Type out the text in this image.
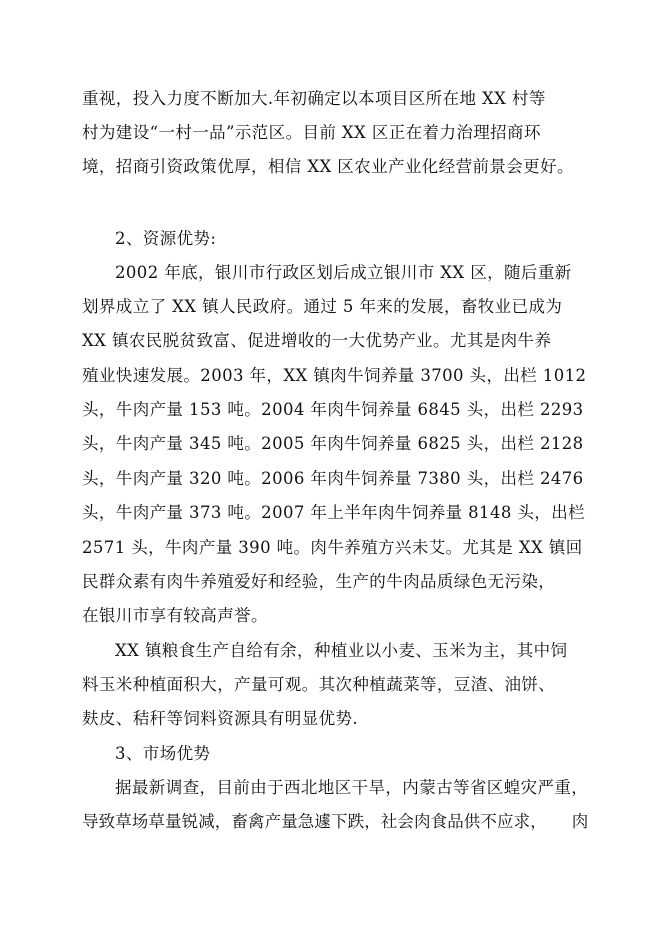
重视，投入力度不断加大.年初确定以本项目区所在地 XX 村等
村为建设“一村一品”示范区。目前 XX 区正在着力治理招商环
境，招商引资政策优厚，相信 XX 区农业产业化经营前景会更好。
2、资源优势:
2002 年底，银川市行政区划后成立银川市 XX 区，随后重新
划界成立了 XX 镇人民政府。通过 5 年来的发展，畜牧业已成为
XX 镇农民脱贫致富、促进增收的一大优势产业。尤其是肉牛养
殖业快速发展。2003 年，XX 镇肉牛饲养量 3700 头，出栏 1012
头，牛肉产量 153 吨。2004 年肉牛饲养量 6845 头，出栏 2293
头，牛肉产量 345 吨。2005 年肉牛饲养量 6825 头，出栏 2128
头，牛肉产量 320 吨。2006 年肉牛饲养量 7380 头，出栏 2476
头，牛肉产量 373 吨。2007 年上半年肉牛饲养量 8148 头，出栏
2571 头，牛肉产量 390 吨。肉牛养殖方兴未艾。尤其是 XX 镇回
民群众素有肉牛养殖爱好和经验，生产的牛肉品质绿色无污染，
在银川市享有较高声誉。
XX 镇粮食生产自给有余，种植业以小麦、玉米为主，其中饲
料玉米种植面积大，产量可观。其次种植蔬菜等，豆渣、油饼、
麸皮、秸秆等饲料资源具有明显优势.
3、市场优势
据最新调查，目前由于西北地区干旱，内蒙古等省区蝗灾严重，
导致草场草量锐减，畜禽产量急遽下跌，社会肉食品供不应求，　　肉
